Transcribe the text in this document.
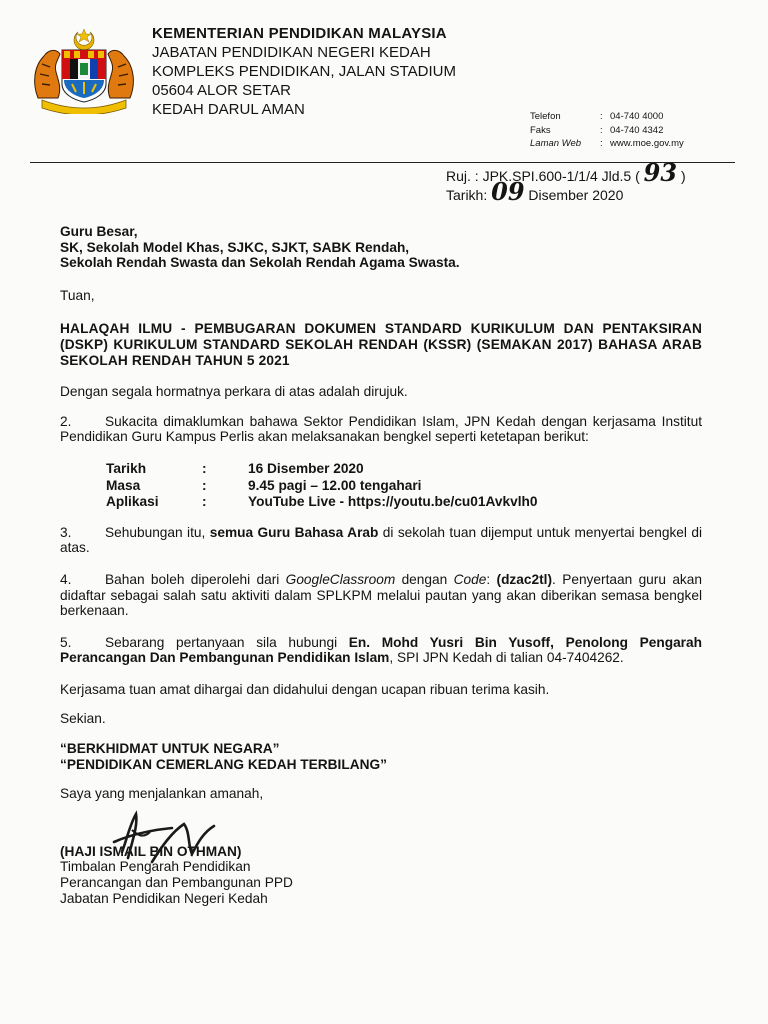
KEMENTERIAN PENDIDIKAN MALAYSIA
JABATAN PENDIDIKAN NEGERI KEDAH
KOMPLEKS PENDIDIKAN, JALAN STADIUM
05604 ALOR SETAR
KEDAH DARUL AMAN	Telefon	: 04-740 4000
Faks	: 04-740 4342
Laman Web	: www.moe.gov.my
Ruj. : JPK.SPI.600-1/1/4 Jld.5 ( 93 )
Tarikh: 09 Disember 2020
Guru Besar,
SK, Sekolah Model Khas, SJKC, SJKT, SABK Rendah,
Sekolah Rendah Swasta dan Sekolah Rendah Agama Swasta.

Tuan,

HALAQAH ILMU - PEMBUGARAN DOKUMEN STANDARD KURIKULUM DAN PENTAKSIRAN (DSKP) KURIKULUM STANDARD SEKOLAH RENDAH (KSSR) (SEMAKAN 2017) BAHASA ARAB SEKOLAH RENDAH TAHUN 5 2021

Dengan segala hormatnya perkara di atas adalah dirujuk.

2. Sukacita dimaklumkan bahawa Sektor Pendidikan Islam, JPN Kedah dengan kerjasama Institut Pendidikan Guru Kampus Perlis akan melaksanakan bengkel seperti ketetapan berikut:

Tarikh	:	16 Disember 2020
Masa	:	9.45 pagi – 12.00 tengahari
Aplikasi	:	YouTube Live - https://youtu.be/cu01Avkvlh0

3. Sehubungan itu, semua Guru Bahasa Arab di sekolah tuan dijemput untuk menyertai bengkel di atas.

4. Bahan boleh diperolehi dari GoogleClassroom dengan Code: (dzac2tl). Penyertaan guru akan didaftar sebagai salah satu aktiviti dalam SPLKPM melalui pautan yang akan diberikan semasa bengkel berkenaan.

5. Sebarang pertanyaan sila hubungi En. Mohd Yusri Bin Yusoff, Penolong Pengarah Perancangan Dan Pembangunan Pendidikan Islam, SPI JPN Kedah di talian 04-7404262.

Kerjasama tuan amat dihargai dan didahului dengan ucapan ribuan terima kasih.

Sekian.

“BERKHIDMAT UNTUK NEGARA”
“PENDIDIKAN CEMERLANG KEDAH TERBILANG”

Saya yang menjalankan amanah,

(HAJI ISMAIL BIN OTHMAN)
Timbalan Pengarah Pendidikan
Perancangan dan Pembangunan PPD
Jabatan Pendidikan Negeri Kedah
